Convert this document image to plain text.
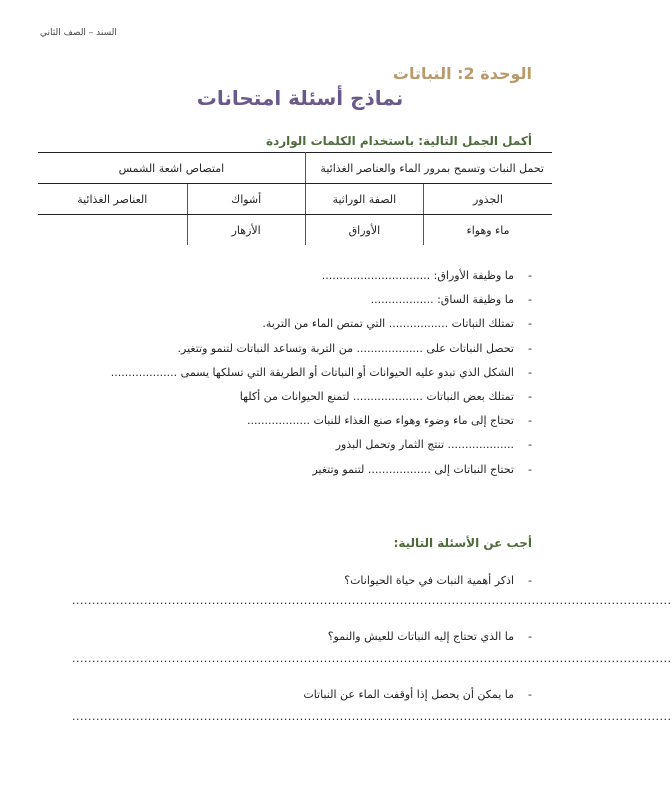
السند – الصف الثاني
الوحدة 2: النباتات
نماذج أسئلة امتحانات
أكمل الجمل التالية: باستخدام الكلمات الواردة
تحمل النبات وتسمح بمرور الماء والعناصر الغذائية		امتصاص اشعة الشمس	
الجذور	الصفة الوراثية	أشواك	العناصر الغذائية
ماء وهواء	الأوراق	الأزهار	
-
ما وظيفة الأوراق: ...............................
-
ما وظيفة الساق: ..................
-
تمتلك النباتات ................. التي تمتص الماء من التربة.
-
تحصل النباتات على ................... من التربة وتساعد النباتات لتنمو وتتغير.
-
الشكل الذي تبدو عليه الحيوانات أو النباتات أو الطريقة التي تسلكها يسمى ...................
-
تمتلك بعض النباتات .................... لتمنع الحيوانات من أكلها
-
تحتاج إلى ماء وضوء وهواء صنع الغذاء للنبات ..................
-
................... تنتج الثمار وتحمل البذور
-
تحتاج النباتات إلى .................. لتنمو وتتغير
أجب عن الأسئلة التالية:
-اذكر أهمية النبات في حياة الحيوانات؟
......................................................................................................................................................
-ما الذي تحتاج إليه النباتات للعيش والنمو؟
......................................................................................................................................................
-ما يمكن أن يحصل إذا أوقفت الماء عن النباتات
......................................................................................................................................................
